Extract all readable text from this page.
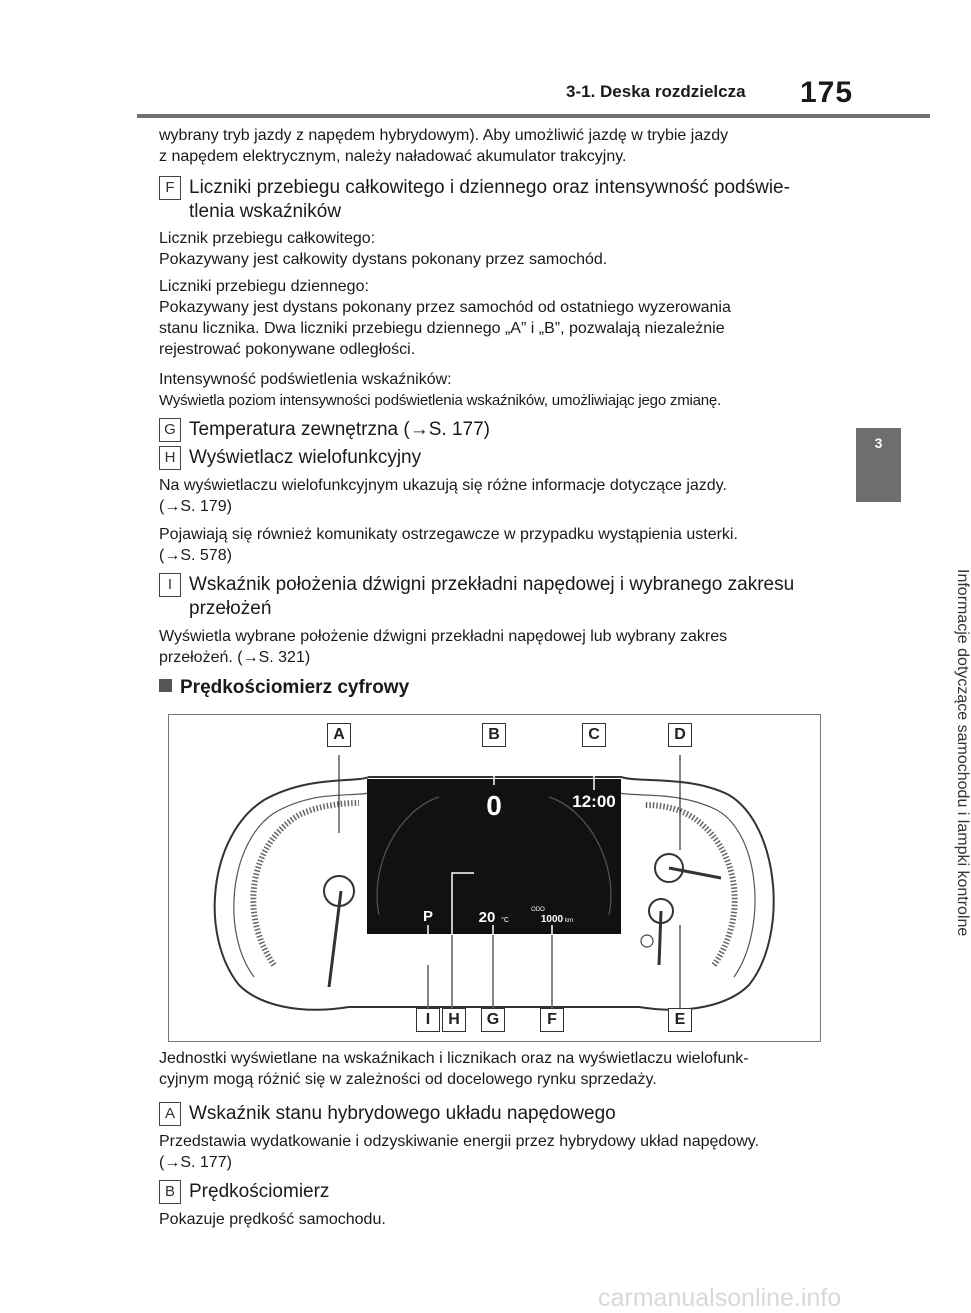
3-1. Deska rozdzielcza 175
3
Informacje dotyczące samochodu i lampki kontrolne

wybrany tryb jazdy z napędem hybrydowym). Aby umożliwić jazdę w trybie jazdy

z napędem elektrycznym, należy naładować akumulator trakcyjny.

F Liczniki przebiegu całkowitego i dziennego oraz intensywność podświe-
tlenia wskaźników

Licznik przebiegu całkowitego:

Pokazywany jest całkowity dystans pokonany przez samochód.

Liczniki przebiegu dziennego:

Pokazywany jest dystans pokonany przez samochód od ostatniego wyzerowania

stanu licznika. Dwa liczniki przebiegu dziennego „A” i „B”, pozwalają niezależnie

rejestrować pokonywane odległości.

Intensywność podświetlenia wskaźników:

Wyświetla poziom intensywności podświetlenia wskaźników, umożliwiając jego zmianę.

G Temperatura zewnętrzna (→S. 177)
H Wyświetlacz wielofunkcyjny

Na wyświetlaczu wielofunkcyjnym ukazują się różne informacje dotyczące jazdy.

(→S. 179)

Pojawiają się również komunikaty ostrzegawcze w przypadku wystąpienia usterki.

(→S. 578)

I Wskaźnik położenia dźwigni przekładni napędowej i wybranego zakresu
przełożeń

Wyświetla wybrane położenie dźwigni przekładni napędowej lub wybrany zakres

przełożeń. (→S. 321)

Prędkościomierz cyfrowy
0	12:00
P	20 °C
ODO
1000 km
A	B	C	D
I	H	G	F	E

Jednostki wyświetlane na wskaźnikach i licznikach oraz na wyświetlaczu wielofunk-

cyjnym mogą różnić się w zależności od docelowego rynku sprzedaży.

A Wskaźnik stanu hybrydowego układu napędowego

Przedstawia wydatkowanie i odzyskiwanie energii przez hybrydowy układ napędowy.

(→S. 177)

B Prędkościomierz

Pokazuje prędkość samochodu.

carmanualsonline.info
